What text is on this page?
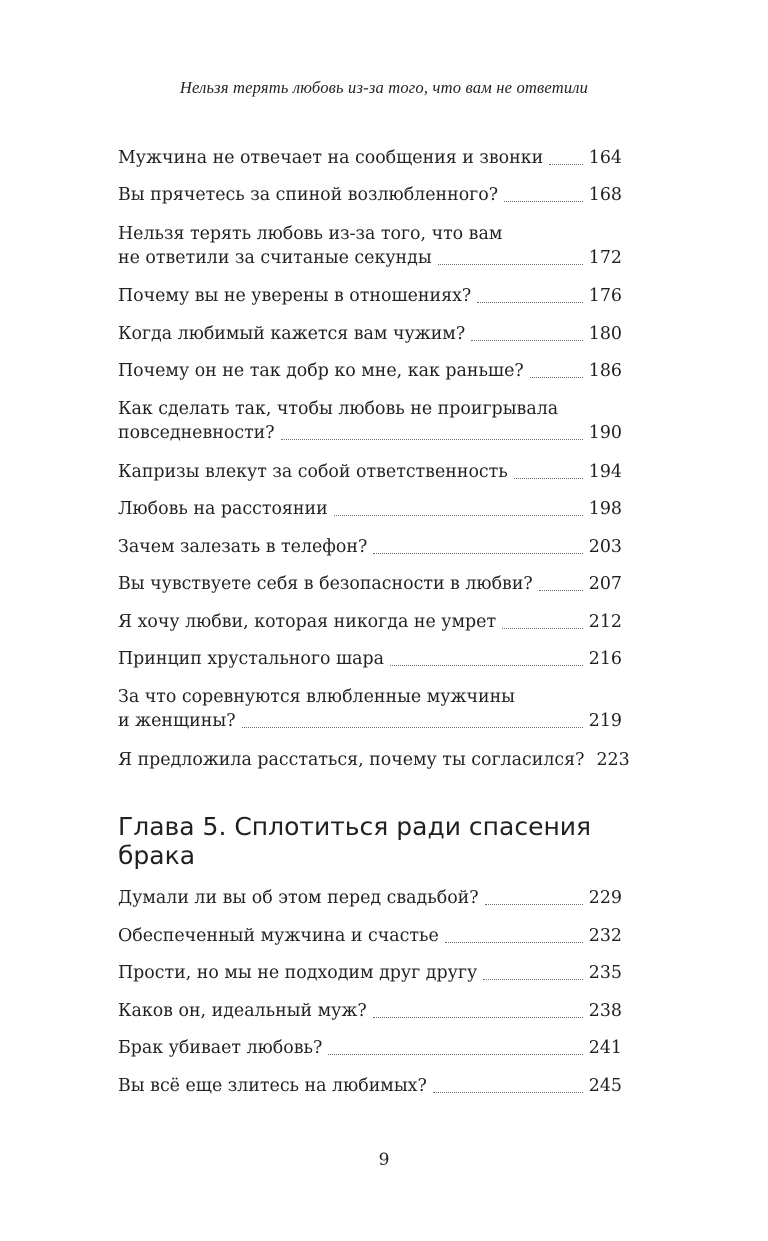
Нельзя терять любовь из-за того, что вам не ответили
Мужчина не отвечает на сообщения и звонки	164
Вы прячетесь за спиной возлюбленного?	168
Нельзя терять любовь из-за того, что вам
не ответили за считаные секунды	172
Почему вы не уверены в отношениях?	176
Когда любимый кажется вам чужим?	180
Почему он не так добр ко мне, как раньше?	186
Как сделать так, чтобы любовь не проигрывала
повседневности?	190
Капризы влекут за собой ответственность	194
Любовь на расстоянии	198
Зачем залезать в телефон?	203
Вы чувствуете себя в безопасности в любви?	207
Я хочу любви, которая никогда не умрет	212
Принцип хрустального шара	216
За что соревнуются влюбленные мужчины
и женщины?	219
Я предложила расстаться, почему ты согласился? 223
Думали ли вы об этом перед свадьбой?	229
Обеспеченный мужчина и счастье	232
Прости, но мы не подходим друг другу	235
Каков он, идеальный муж?	238
Брак убивает любовь?	241
Вы всё еще злитесь на любимых?	245
Глава 5. Сплотиться ради спасения
брака
9
